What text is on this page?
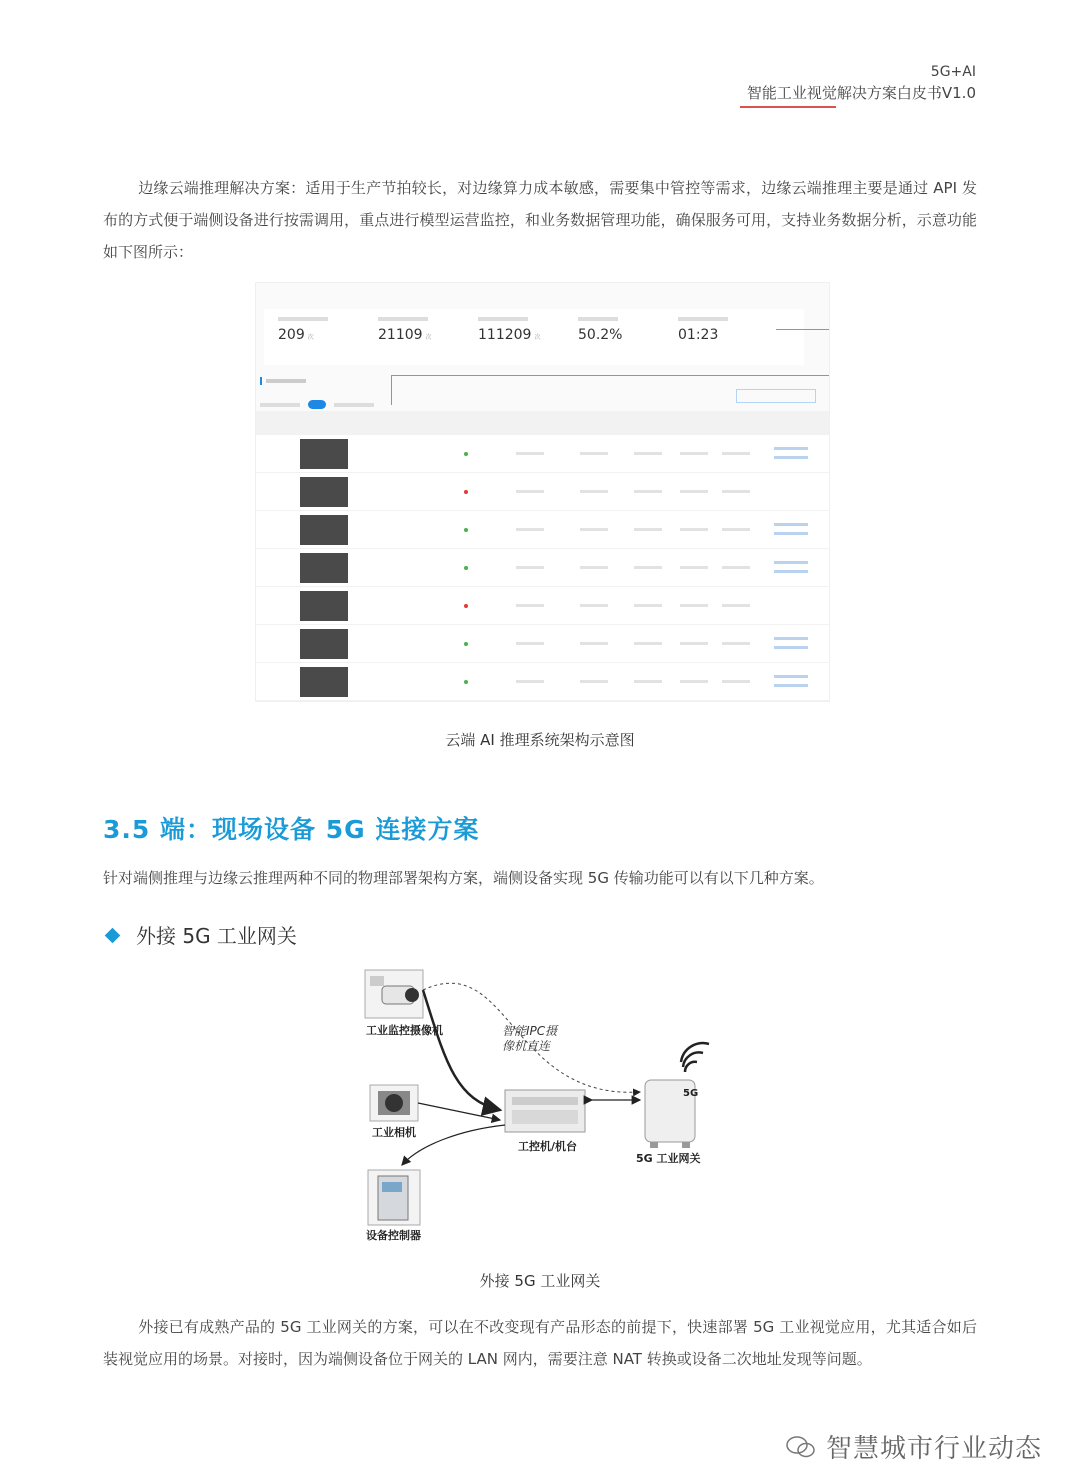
5G+AI
智能工业视觉解决方案白皮书V1.0
边缘云端推理解决方案：适用于生产节拍较长，对边缘算力成本敏感，需要集中管控等需求，边缘云端推理主要是通过 API 发布的方式便于端侧设备进行按需调用，重点进行模型运营监控，和业务数据管理功能，确保服务可用，支持业务数据分析，示意功能如下图所示：
209 次	21109 次	111209 次	50.2%	01:23

云端 AI 推理系统架构示意图
3.5 端：现场设备 5G 连接方案
针对端侧推理与边缘云推理两种不同的物理部署架构方案，端侧设备实现 5G 传输功能可以有以下几种方案。
外接 5G 工业网关
工业监控摄像机	智能IPC摄像机直连
工业相机
工控机/机台
5G 工业网关
5G
设备控制器
外接 5G 工业网关
外接已有成熟产品的 5G 工业网关的方案，可以在不改变现有产品形态的前提下，快速部署 5G 工业视觉应用，尤其适合如后装视觉应用的场景。对接时，因为端侧设备位于网关的 LAN 网内，需要注意 NAT 转换或设备二次地址发现等问题。
智慧城市行业动态
